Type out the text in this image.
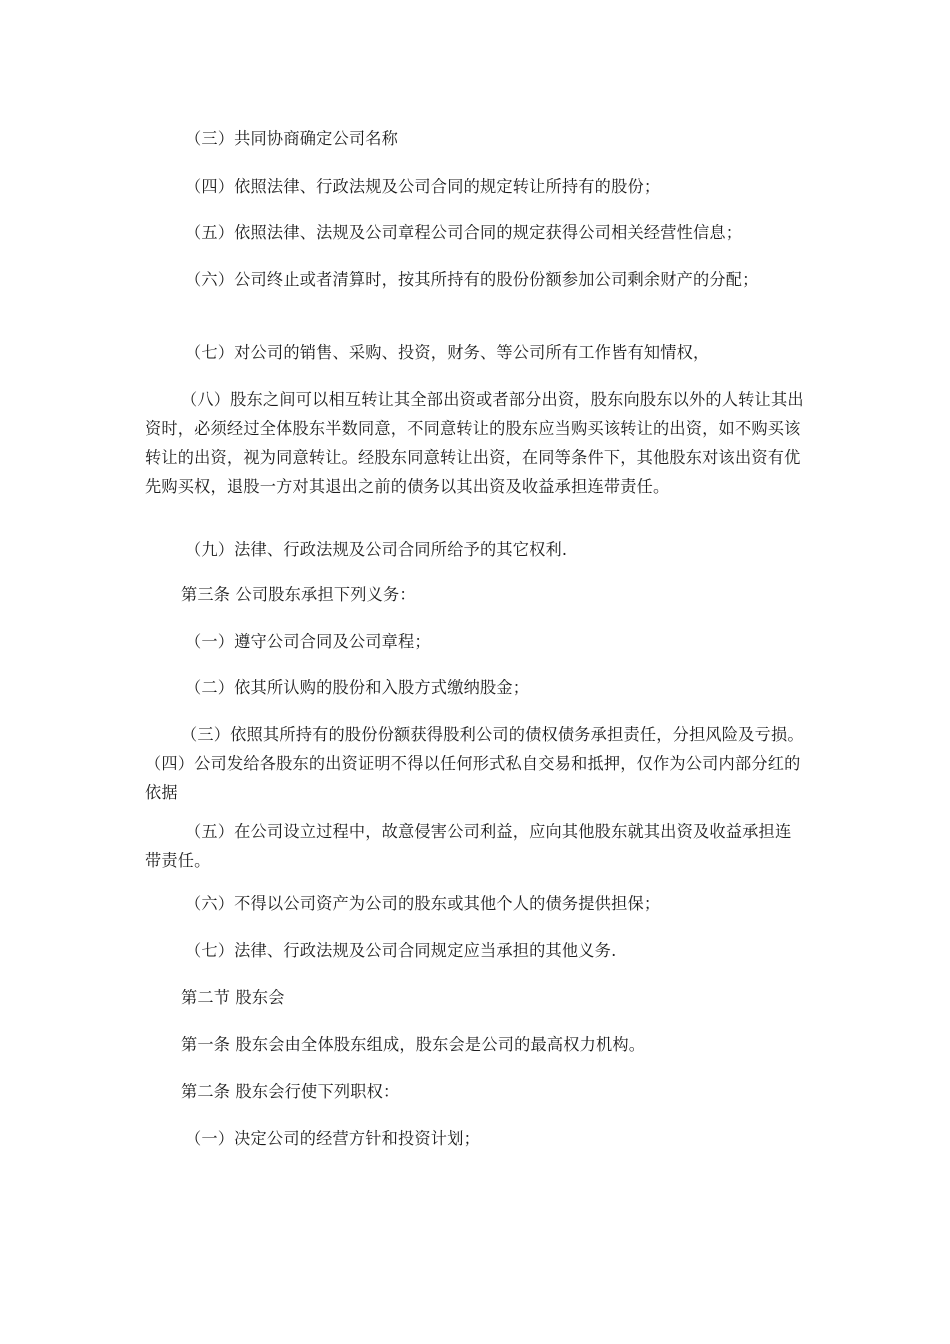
（三）共同协商确定公司名称

（四）依照法律、行政法规及公司合同的规定转让所持有的股份；

（五）依照法律、法规及公司章程公司合同的规定获得公司相关经营性信息；

（六）公司终止或者清算时，按其所持有的股份份额参加公司剩余财产的分配；

（七）对公司的销售、采购、投资，财务、等公司所有工作皆有知情权，

（八）股东之间可以相互转让其全部出资或者部分出资，股东向股东以外的人转让其出资时，必须经过全体股东半数同意，不同意转让的股东应当购买该转让的出资，如不购买该转让的出资，视为同意转让。经股东同意转让出资，在同等条件下，其他股东对该出资有优先购买权，退股一方对其退出之前的债务以其出资及收益承担连带责任。

（九）法律、行政法规及公司合同所给予的其它权利.

第三条 公司股东承担下列义务：

（一）遵守公司合同及公司章程；

（二）依其所认购的股份和入股方式缴纳股金；

（三）依照其所持有的股份份额获得股利公司的债权债务承担责任，分担风险及亏损。 （四）公司发给各股东的出资证明不得以任何形式私自交易和抵押，仅作为公司内部分红的依据

（五）在公司设立过程中，故意侵害公司利益，应向其他股东就其出资及收益承担连带责任。

（六）不得以公司资产为公司的股东或其他个人的债务提供担保；

（七）法律、行政法规及公司合同规定应当承担的其他义务.

第二节 股东会

第一条 股东会由全体股东组成，股东会是公司的最高权力机构。

第二条 股东会行使下列职权：

（一）决定公司的经营方针和投资计划；
